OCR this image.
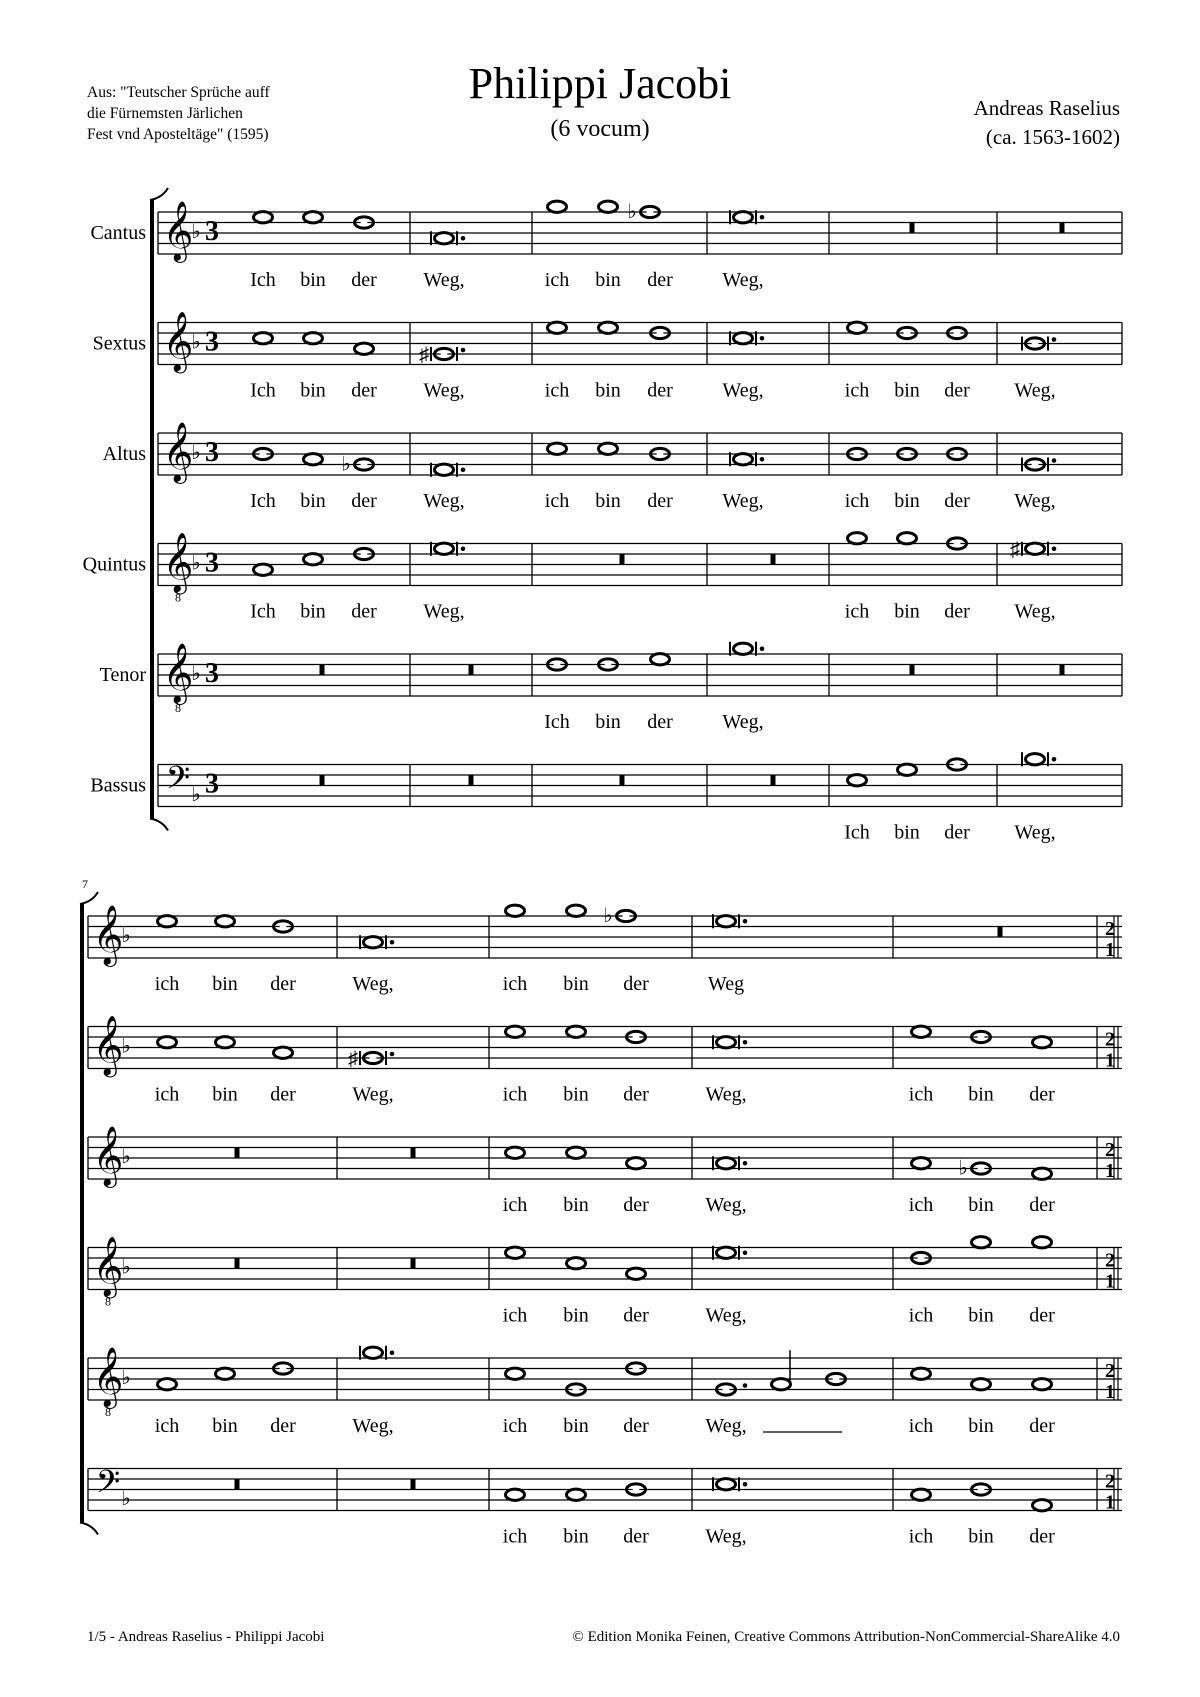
Aus: "Teutscher Sprüche auff
die Fürnemsten Järlichen
Fest vnd Aposteltäge" (1595)
Philippi Jacobi
(6 vocum)
Andreas Raselius
(ca. 1563-1602)
Cantus 𝄞
♭ 3
♭
Ich bin der Weg,	ich bin der Weg,
Sextus 𝄞
♭ 3	♯
Ich bin der Weg,	ich bin der Weg,	ich bin der Weg,
Altus 𝄞
♭ 3	♭
Ich bin der Weg,	ich bin der Weg,	ich bin der Weg,
Quintus 𝄞
8
♭ 3	♯
Ich bin der Weg,	ich bin der Weg,
Tenor 𝄞
8
♭ 3
Ich bin der Weg,
Bassus 𝄢 ♭ 3
Ich bin der Weg,
7
𝄞
♭	2
1
♭
ich bin der	Weg,	ich bin der	Weg
𝄞
♭	2
1
♯
ich bin der	Weg,	ich bin der	Weg,	ich bin der
𝄞
♭	2
1
♭
ich bin der	Weg,	ich bin der
𝄞
8
♭	2
1
ich bin der	Weg,	ich bin der
𝄞
8
♭	2
1
ich bin der	Weg,	ich bin der	Weg,	ich bin der
𝄢 ♭
2
1
ich bin der	Weg,	ich bin der
1/5 - Andreas Raselius - Philippi Jacobi	© Edition Monika Feinen, Creative Commons Attribution-NonCommercial-ShareAlike 4.0
